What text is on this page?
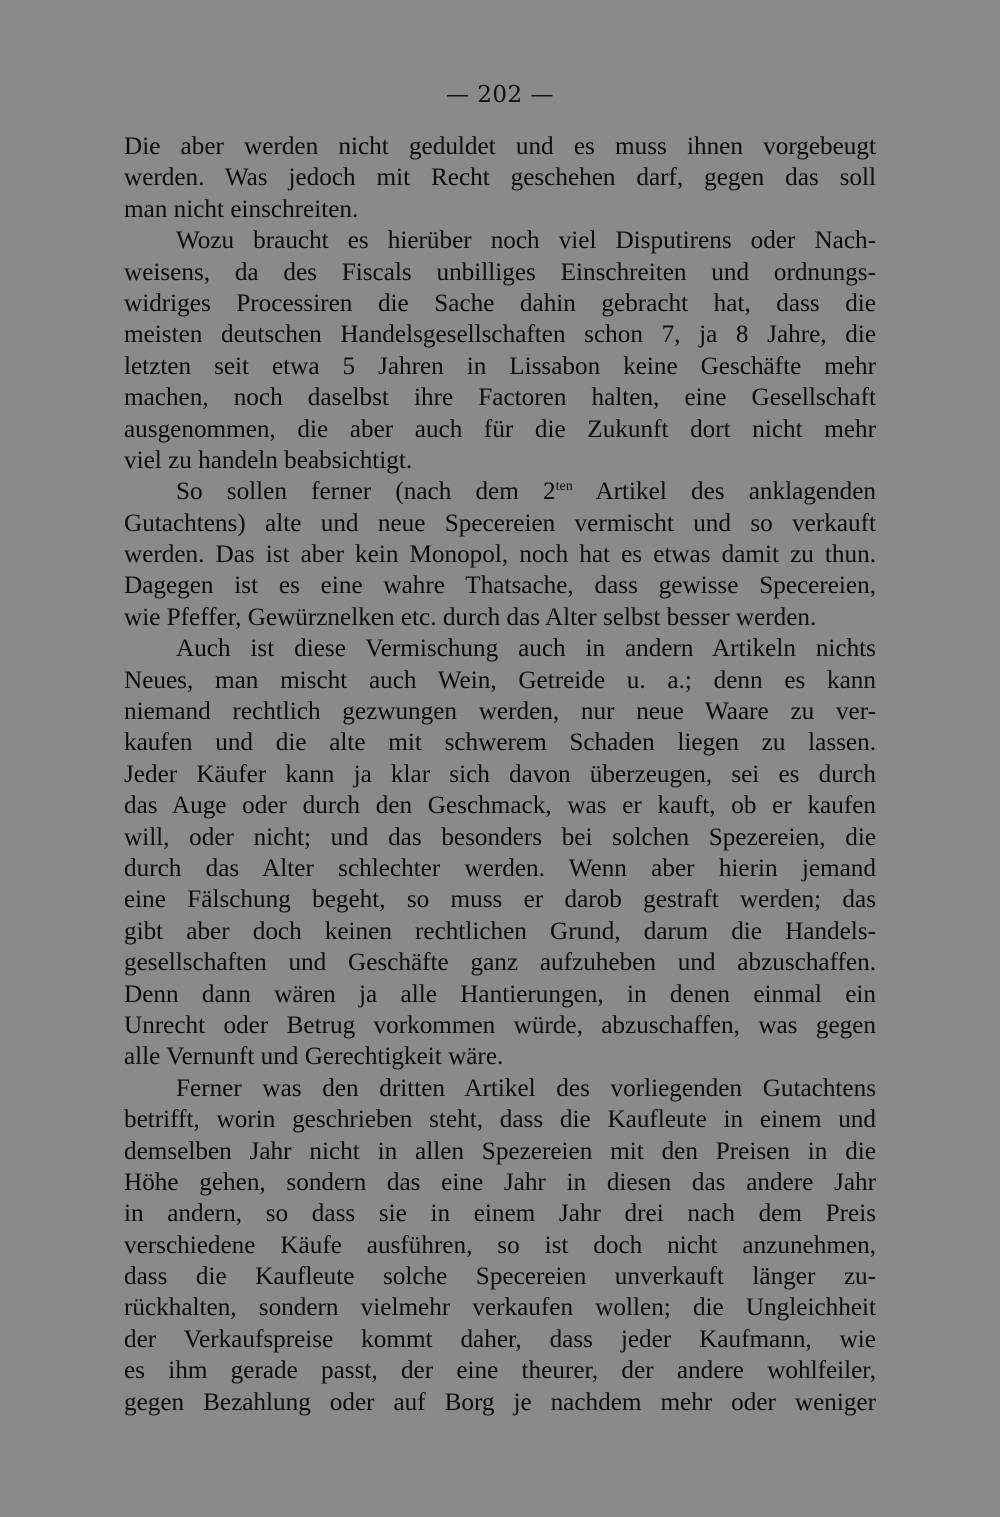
— 202 —
Die aber werden nicht geduldet und es muss ihnen vorgebeugt
werden. Was jedoch mit Recht geschehen darf, gegen das soll
man nicht einschreiten.
Wozu braucht es hierüber noch viel Disputirens oder Nach-
weisens, da des Fiscals unbilliges Einschreiten und ordnungs-
widriges Processiren die Sache dahin gebracht hat, dass die
meisten deutschen Handelsgesellschaften schon 7, ja 8 Jahre, die
letzten seit etwa 5 Jahren in Lissabon keine Geschäfte mehr
machen, noch daselbst ihre Factoren halten, eine Gesellschaft
ausgenommen, die aber auch für die Zukunft dort nicht mehr
viel zu handeln beabsichtigt.
So sollen ferner (nach dem $2^{ten}$ Artikel des anklagenden
Gutachtens) alte und neue Specereien vermischt und so verkauft
werden. Das ist aber kein Monopol, noch hat es etwas damit zu thun.
Dagegen ist es eine wahre Thatsache, dass gewisse Specereien,
wie Pfeffer, Gewürznelken etc. durch das Alter selbst besser werden.
Auch ist diese Vermischung auch in andern Artikeln nichts
Neues, man mischt auch Wein, Getreide u. a.; denn es kann
niemand rechtlich gezwungen werden, nur neue Waare zu ver-
kaufen und die alte mit schwerem Schaden liegen zu lassen.
Jeder Käufer kann ja klar sich davon überzeugen, sei es durch
das Auge oder durch den Geschmack, was er kauft, ob er kaufen
will, oder nicht; und das besonders bei solchen Spezereien, die
durch das Alter schlechter werden. Wenn aber hierin jemand
eine Fälschung begeht, so muss er darob gestraft werden; das
gibt aber doch keinen rechtlichen Grund, darum die Handels-
gesellschaften und Geschäfte ganz aufzuheben und abzuschaffen.
Denn dann wären ja alle Hantierungen, in denen einmal ein
Unrecht oder Betrug vorkommen würde, abzuschaffen, was gegen
alle Vernunft und Gerechtigkeit wäre.
Ferner was den dritten Artikel des vorliegenden Gutachtens
betrifft, worin geschrieben steht, dass die Kaufleute in einem und
demselben Jahr nicht in allen Spezereien mit den Preisen in die
Höhe gehen, sondern das eine Jahr in diesen das andere Jahr
in andern, so dass sie in einem Jahr drei nach dem Preis
verschiedene Käufe ausführen, so ist doch nicht anzunehmen,
dass die Kaufleute solche Specereien unverkauft länger zu-
rückhalten, sondern vielmehr verkaufen wollen; die Ungleichheit
der Verkaufspreise kommt daher, dass jeder Kaufmann, wie
es ihm gerade passt, der eine theurer, der andere wohlfeiler,
gegen Bezahlung oder auf Borg je nachdem mehr oder weniger
